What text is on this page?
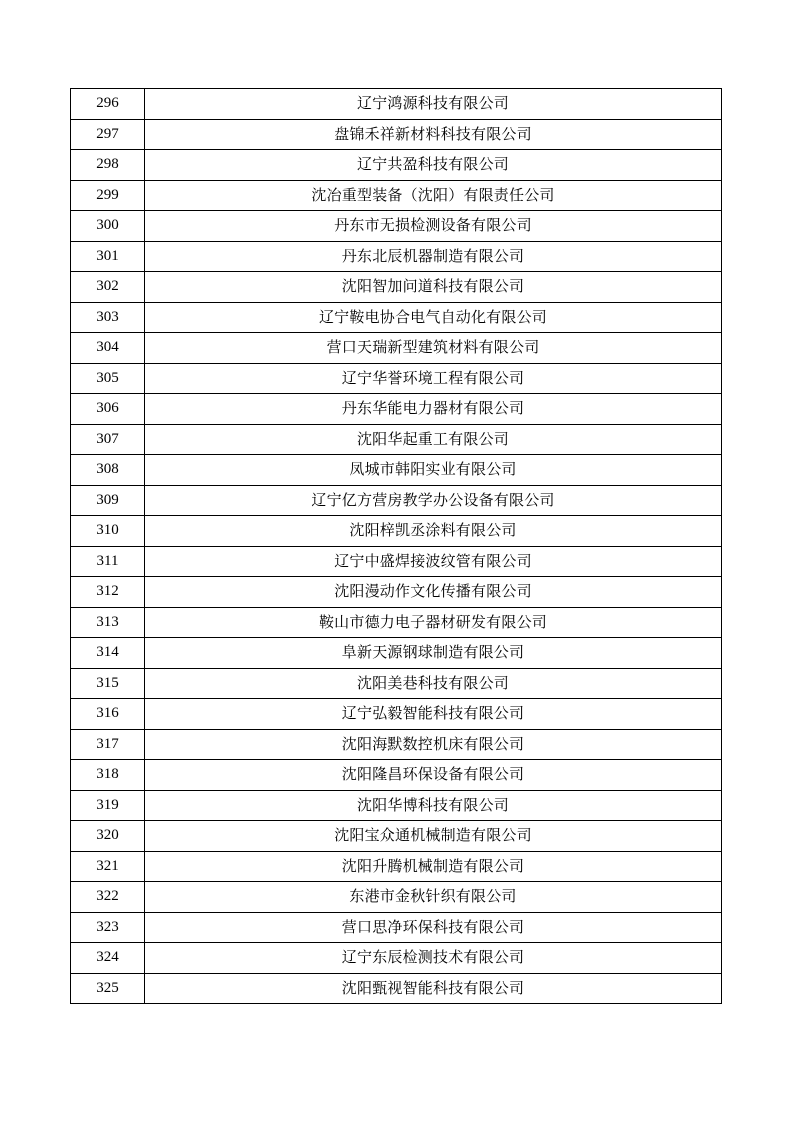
296	辽宁鸿源科技有限公司
297	盘锦禾祥新材料科技有限公司
298	辽宁共盈科技有限公司
299	沈冶重型装备（沈阳）有限责任公司
300	丹东市无损检测设备有限公司
301	丹东北辰机器制造有限公司
302	沈阳智加问道科技有限公司
303	辽宁鞍电协合电气自动化有限公司
304	营口天瑞新型建筑材料有限公司
305	辽宁华誉环境工程有限公司
306	丹东华能电力器材有限公司
307	沈阳华起重工有限公司
308	凤城市韩阳实业有限公司
309	辽宁亿方营房教学办公设备有限公司
310	沈阳梓凯丞涂料有限公司
311	辽宁中盛焊接波纹管有限公司
312	沈阳漫动作文化传播有限公司
313	鞍山市德力电子器材研发有限公司
314	阜新天源钢球制造有限公司
315	沈阳美巷科技有限公司
316	辽宁弘毅智能科技有限公司
317	沈阳海默数控机床有限公司
318	沈阳隆昌环保设备有限公司
319	沈阳华博科技有限公司
320	沈阳宝众通机械制造有限公司
321	沈阳升腾机械制造有限公司
322	东港市金秋针织有限公司
323	营口思净环保科技有限公司
324	辽宁东辰检测技术有限公司
325	沈阳甄视智能科技有限公司
